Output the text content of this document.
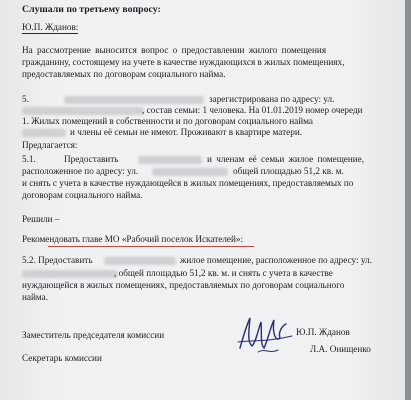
Слушали по третьему вопросу:
Ю.П. Жданов:
На рассмотрение выносится вопрос о предоставлении жилого помещения
гражданину, состоящему на учете в качестве нуждающихся в жилых помещениях,
предоставляемых по договорам социального найма.
5.	зарегистрирована по адресу: ул.
, состав семьи: 1 человека. На 01.01.2019 номер очереди
1. Жилых помещений в собственности и по договорам социального найма
и члены её семьи не имеют. Проживают в квартире матери.
Предлагается:
5.1.	Предоставить	и членам её семьи жилое помещение,
расположенное по адресу: ул.	общей площадью 51,2 кв. м.
и снять с учета в качестве нуждающейся в жилых помещениях, предоставляемых по
договорам социального найма.
Решили –
Рекомендовать главе МО «Рабочий поселок Искателей»:
5.2. Предоставить	жилое помещение, расположенное по адресу: ул.
, общей площадью 51,2 кв. м. и снять с учета в качестве
нуждающейся в жилых помещениях, предоставляемых по договорам социального
найма.
Заместитель председателя комиссии	Ю.П. Жданов
Секретарь комиссии
Л.А. Онищенко
